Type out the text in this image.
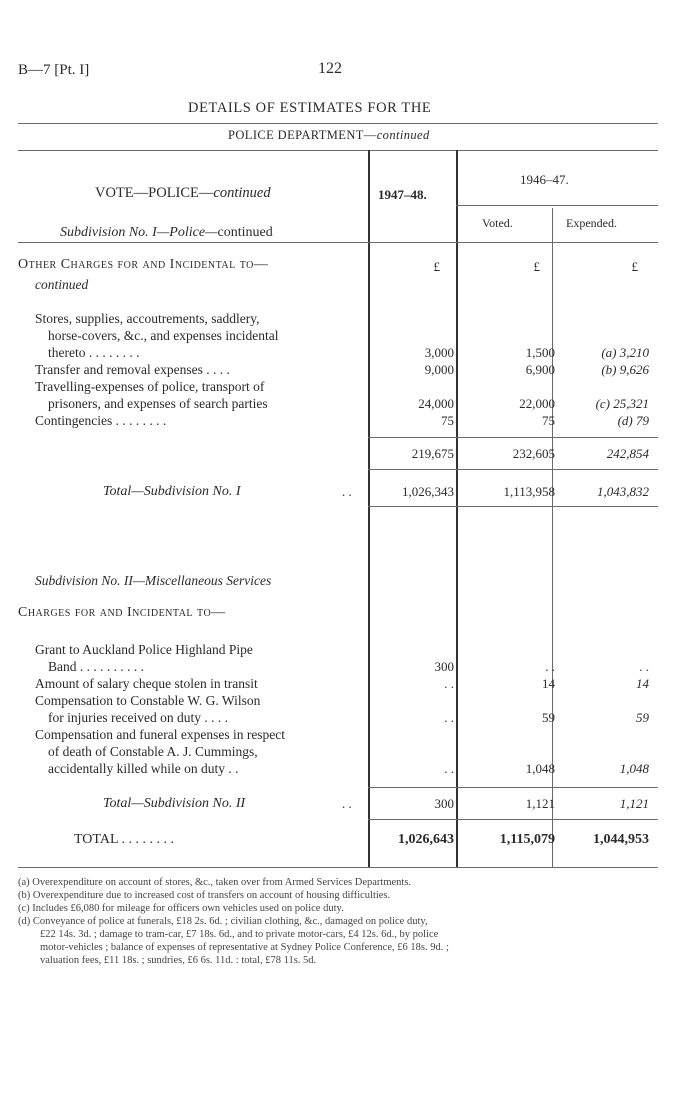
B—7 [Pt. I]	122
DETAILS OF ESTIMATES FOR THE
POLICE DEPARTMENT—continued
VOTE—POLICE—continued
Subdivision No. I—Police—continued
1947–48.
1946–47.
Voted.	Expended.
Other Charges for and Incidental to—
continued
£	£	£
Stores, supplies, accoutrements, saddlery,
horse-covers, &c., and expenses incidental
thereto . . . . . . . .	3,000	1,500	(a) 3,210
Transfer and removal expenses . . . .	9,000	6,900	(b) 9,626
Travelling-expenses of police, transport of
prisoners, and expenses of search parties	24,000	22,000	(c) 25,321
Contingencies . . . . . . . .	75	75	(d) 79
219,675	232,605	242,854
Total—Subdivision No. I	. .	1,026,343	1,113,958	1,043,832
Subdivision No. II—Miscellaneous Services
Charges for and Incidental to—
Grant to Auckland Police Highland Pipe
Band . . . . . . . . . .	300	. .	. .
Amount of salary cheque stolen in transit	. .	14	14
Compensation to Constable W. G. Wilson
for injuries received on duty . . . .	. .	59	59
Compensation and funeral expenses in respect
of death of Constable A. J. Cummings,
accidentally killed while on duty . .	. .	1,048	1,048
Total—Subdivision No. II	. .	300	1,121	1,121
TOTAL . . . . . . . .	1,026,643	1,115,079	1,044,953
(a) Overexpenditure on account of stores, &c., taken over from Armed Services Departments.
(b) Overexpenditure due to increased cost of transfers on account of housing difficulties.
(c) Includes £6,080 for mileage for officers own vehicles used on police duty.
(d) Conveyance of police at funerals, £18 2s. 6d. ; civilian clothing, &c., damaged on police duty,
£22 14s. 3d. ; damage to tram-car, £7 18s. 6d., and to private motor-cars, £4 12s. 6d., by police
motor-vehicles ; balance of expenses of representative at Sydney Police Conference, £6 18s. 9d. ;
valuation fees, £11 18s. ; sundries, £6 6s. 11d. : total, £78 11s. 5d.
